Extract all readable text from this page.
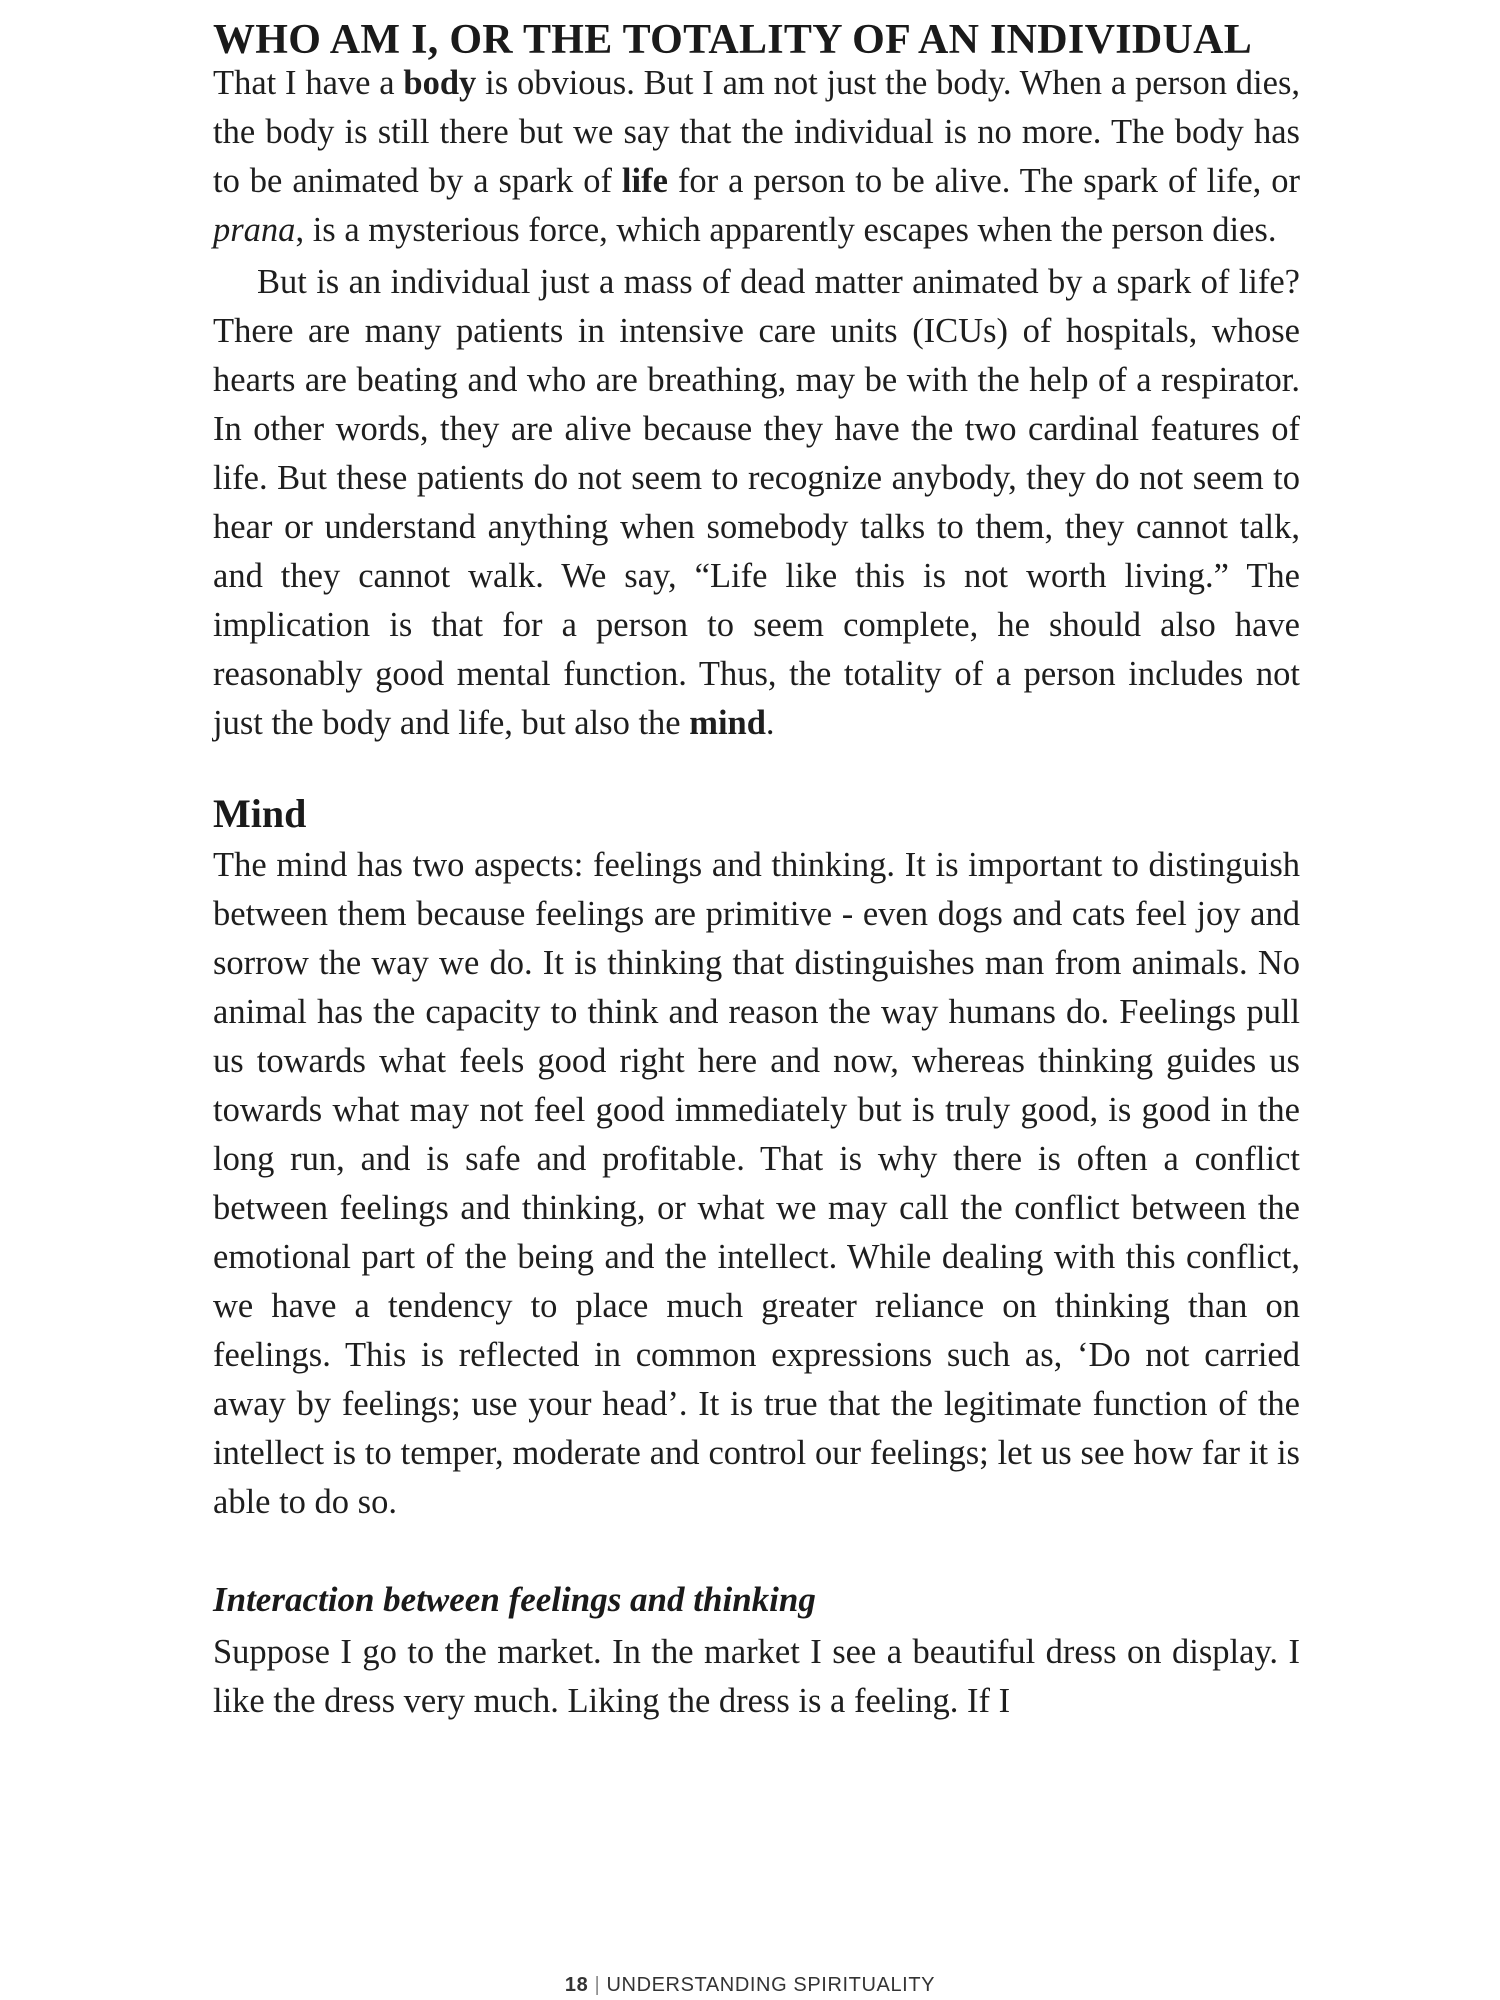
WHO AM I, OR THE TOTALITY OF AN INDIVIDUAL

That I have a body is obvious. But I am not just the body. When a person dies, the body is still there but we say that the individual is no more. The body has to be animated by a spark of life for a person to be alive. The spark of life, or prana, is a mysterious force, which apparently escapes when the person dies.

But is an individual just a mass of dead matter animated by a spark of life? There are many patients in intensive care units (ICUs) of hospitals, whose hearts are beating and who are breathing, may be with the help of a respirator. In other words, they are alive because they have the two cardinal features of life. But these patients do not seem to recognize anybody, they do not seem to hear or understand anything when somebody talks to them, they cannot talk, and they cannot walk. We say, “Life like this is not worth living.” The implication is that for a person to seem complete, he should also have reasonably good mental function. Thus, the totality of a person includes not just the body and life, but also the mind.

Mind

The mind has two aspects: feelings and thinking. It is important to distinguish between them because feelings are primitive - even dogs and cats feel joy and sorrow the way we do. It is thinking that distinguishes man from animals. No animal has the capacity to think and reason the way humans do. Feelings pull us towards what feels good right here and now, whereas thinking guides us towards what may not feel good immediately but is truly good, is good in the long run, and is safe and profitable. That is why there is often a conflict between feelings and thinking, or what we may call the conflict between the emotional part of the being and the intellect. While dealing with this conflict, we have a tendency to place much greater reliance on thinking than on feelings. This is reflected in common expressions such as, ‘Do not carried away by feelings; use your head’. It is true that the legitimate function of the intellect is to temper, moderate and control our feelings; let us see how far it is able to do so.

Interaction between feelings and thinking

Suppose I go to the market. In the market I see a beautiful dress on display. I like the dress very much. Liking the dress is a feeling. If I

18 | UNDERSTANDING SPIRITUALITY
